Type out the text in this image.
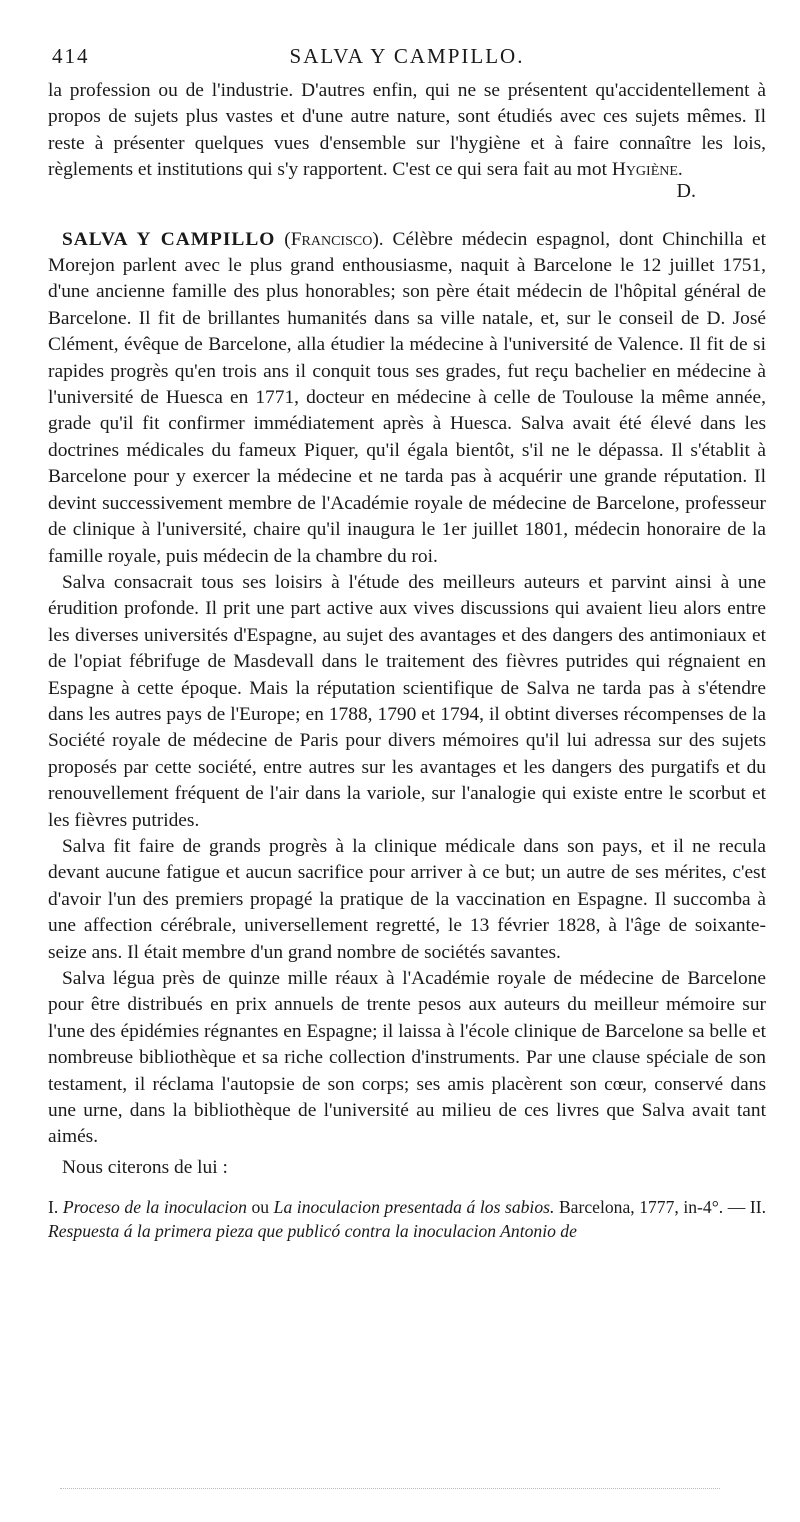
414	SALVA Y CAMPILLO.

la profession ou de l'industrie. D'autres enfin, qui ne se présentent qu'accidentellement à propos de sujets plus vastes et d'une autre nature, sont étudiés avec ces sujets mêmes. Il reste à présenter quelques vues d'ensemble sur l'hygiène et à faire connaître les lois, règlements et institutions qui s'y rapportent. C'est ce qui sera fait au mot Hygiène.

D.

SALVA Y CAMPILLO (Francisco). Célèbre médecin espagnol, dont Chinchilla et Morejon parlent avec le plus grand enthousiasme, naquit à Barcelone le 12 juillet 1751, d'une ancienne famille des plus honorables; son père était médecin de l'hôpital général de Barcelone. Il fit de brillantes humanités dans sa ville natale, et, sur le conseil de D. José Clément, évêque de Barcelone, alla étudier la médecine à l'université de Valence. Il fit de si rapides progrès qu'en trois ans il conquit tous ses grades, fut reçu bachelier en médecine à l'université de Huesca en 1771, docteur en médecine à celle de Toulouse la même année, grade qu'il fit confirmer immédiatement après à Huesca. Salva avait été élevé dans les doctrines médicales du fameux Piquer, qu'il égala bientôt, s'il ne le dépassa. Il s'établit à Barcelone pour y exercer la médecine et ne tarda pas à acquérir une grande réputation. Il devint successivement membre de l'Académie royale de médecine de Barcelone, professeur de clinique à l'université, chaire qu'il inaugura le 1er juillet 1801, médecin honoraire de la famille royale, puis médecin de la chambre du roi.

Salva consacrait tous ses loisirs à l'étude des meilleurs auteurs et parvint ainsi à une érudition profonde. Il prit une part active aux vives discussions qui avaient lieu alors entre les diverses universités d'Espagne, au sujet des avantages et des dangers des antimoniaux et de l'opiat fébrifuge de Masdevall dans le traitement des fièvres putrides qui régnaient en Espagne à cette époque. Mais la réputation scientifique de Salva ne tarda pas à s'étendre dans les autres pays de l'Europe; en 1788, 1790 et 1794, il obtint diverses récompenses de la Société royale de médecine de Paris pour divers mémoires qu'il lui adressa sur des sujets proposés par cette société, entre autres sur les avantages et les dangers des purgatifs et du renouvellement fréquent de l'air dans la variole, sur l'analogie qui existe entre le scorbut et les fièvres putrides.

Salva fit faire de grands progrès à la clinique médicale dans son pays, et il ne recula devant aucune fatigue et aucun sacrifice pour arriver à ce but; un autre de ses mérites, c'est d'avoir l'un des premiers propagé la pratique de la vaccination en Espagne. Il succomba à une affection cérébrale, universellement regretté, le 13 février 1828, à l'âge de soixante-seize ans. Il était membre d'un grand nombre de sociétés savantes.

Salva légua près de quinze mille réaux à l'Académie royale de médecine de Barcelone pour être distribués en prix annuels de trente pesos aux auteurs du meilleur mémoire sur l'une des épidémies régnantes en Espagne; il laissa à l'école clinique de Barcelone sa belle et nombreuse bibliothèque et sa riche collection d'instruments. Par une clause spéciale de son testament, il réclama l'autopsie de son corps; ses amis placèrent son cœur, conservé dans une urne, dans la bibliothèque de l'université au milieu de ces livres que Salva avait tant aimés.

Nous citerons de lui :

I. Proceso de la inoculacion ou La inoculacion presentada á los sabios. Barcelona, 1777, in-4°. — II. Respuesta á la primera pieza que publicó contra la inoculacion Antonio de
